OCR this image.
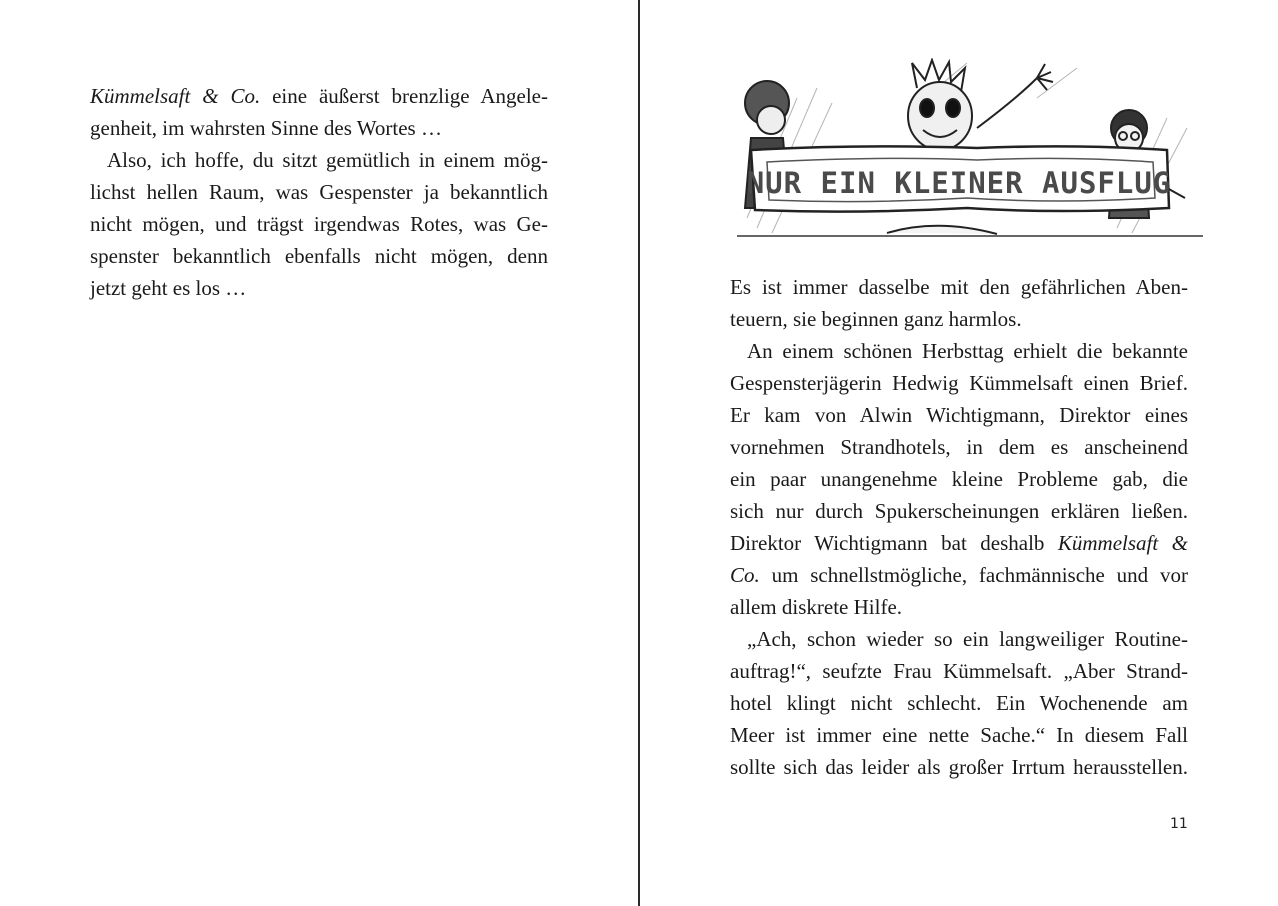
Kümmelsaft & Co. eine äußerst brenzlige Angele-
genheit, im wahrsten Sinne des Wortes …
Also, ich hoffe, du sitzt gemütlich in einem mög-
lichst hellen Raum, was Gespenster ja bekanntlich
nicht mögen, und trägst irgendwas Rotes, was Ge-
spenster bekanntlich ebenfalls nicht mögen, denn
jetzt geht es los …
NUR EIN KLEINER AUSFLUG
Es ist immer dasselbe mit den gefährlichen Aben-
teuern, sie beginnen ganz harmlos.
An einem schönen Herbsttag erhielt die bekannte
Gespensterjägerin Hedwig Kümmelsaft einen Brief.
Er kam von Alwin Wichtigmann, Direktor eines
vornehmen Strandhotels, in dem es anscheinend
ein paar unangenehme kleine Probleme gab, die
sich nur durch Spukerscheinungen erklären ließen.
Direktor Wichtigmann bat deshalb Kümmelsaft &
Co. um schnellstmögliche, fachmännische und vor
allem diskrete Hilfe.
„Ach, schon wieder so ein langweiliger Routine-
auftrag!“, seufzte Frau Kümmelsaft. „Aber Strand-
hotel klingt nicht schlecht. Ein Wochenende am
Meer ist immer eine nette Sache.“ In diesem Fall
sollte sich das leider als großer Irrtum herausstellen.
11
